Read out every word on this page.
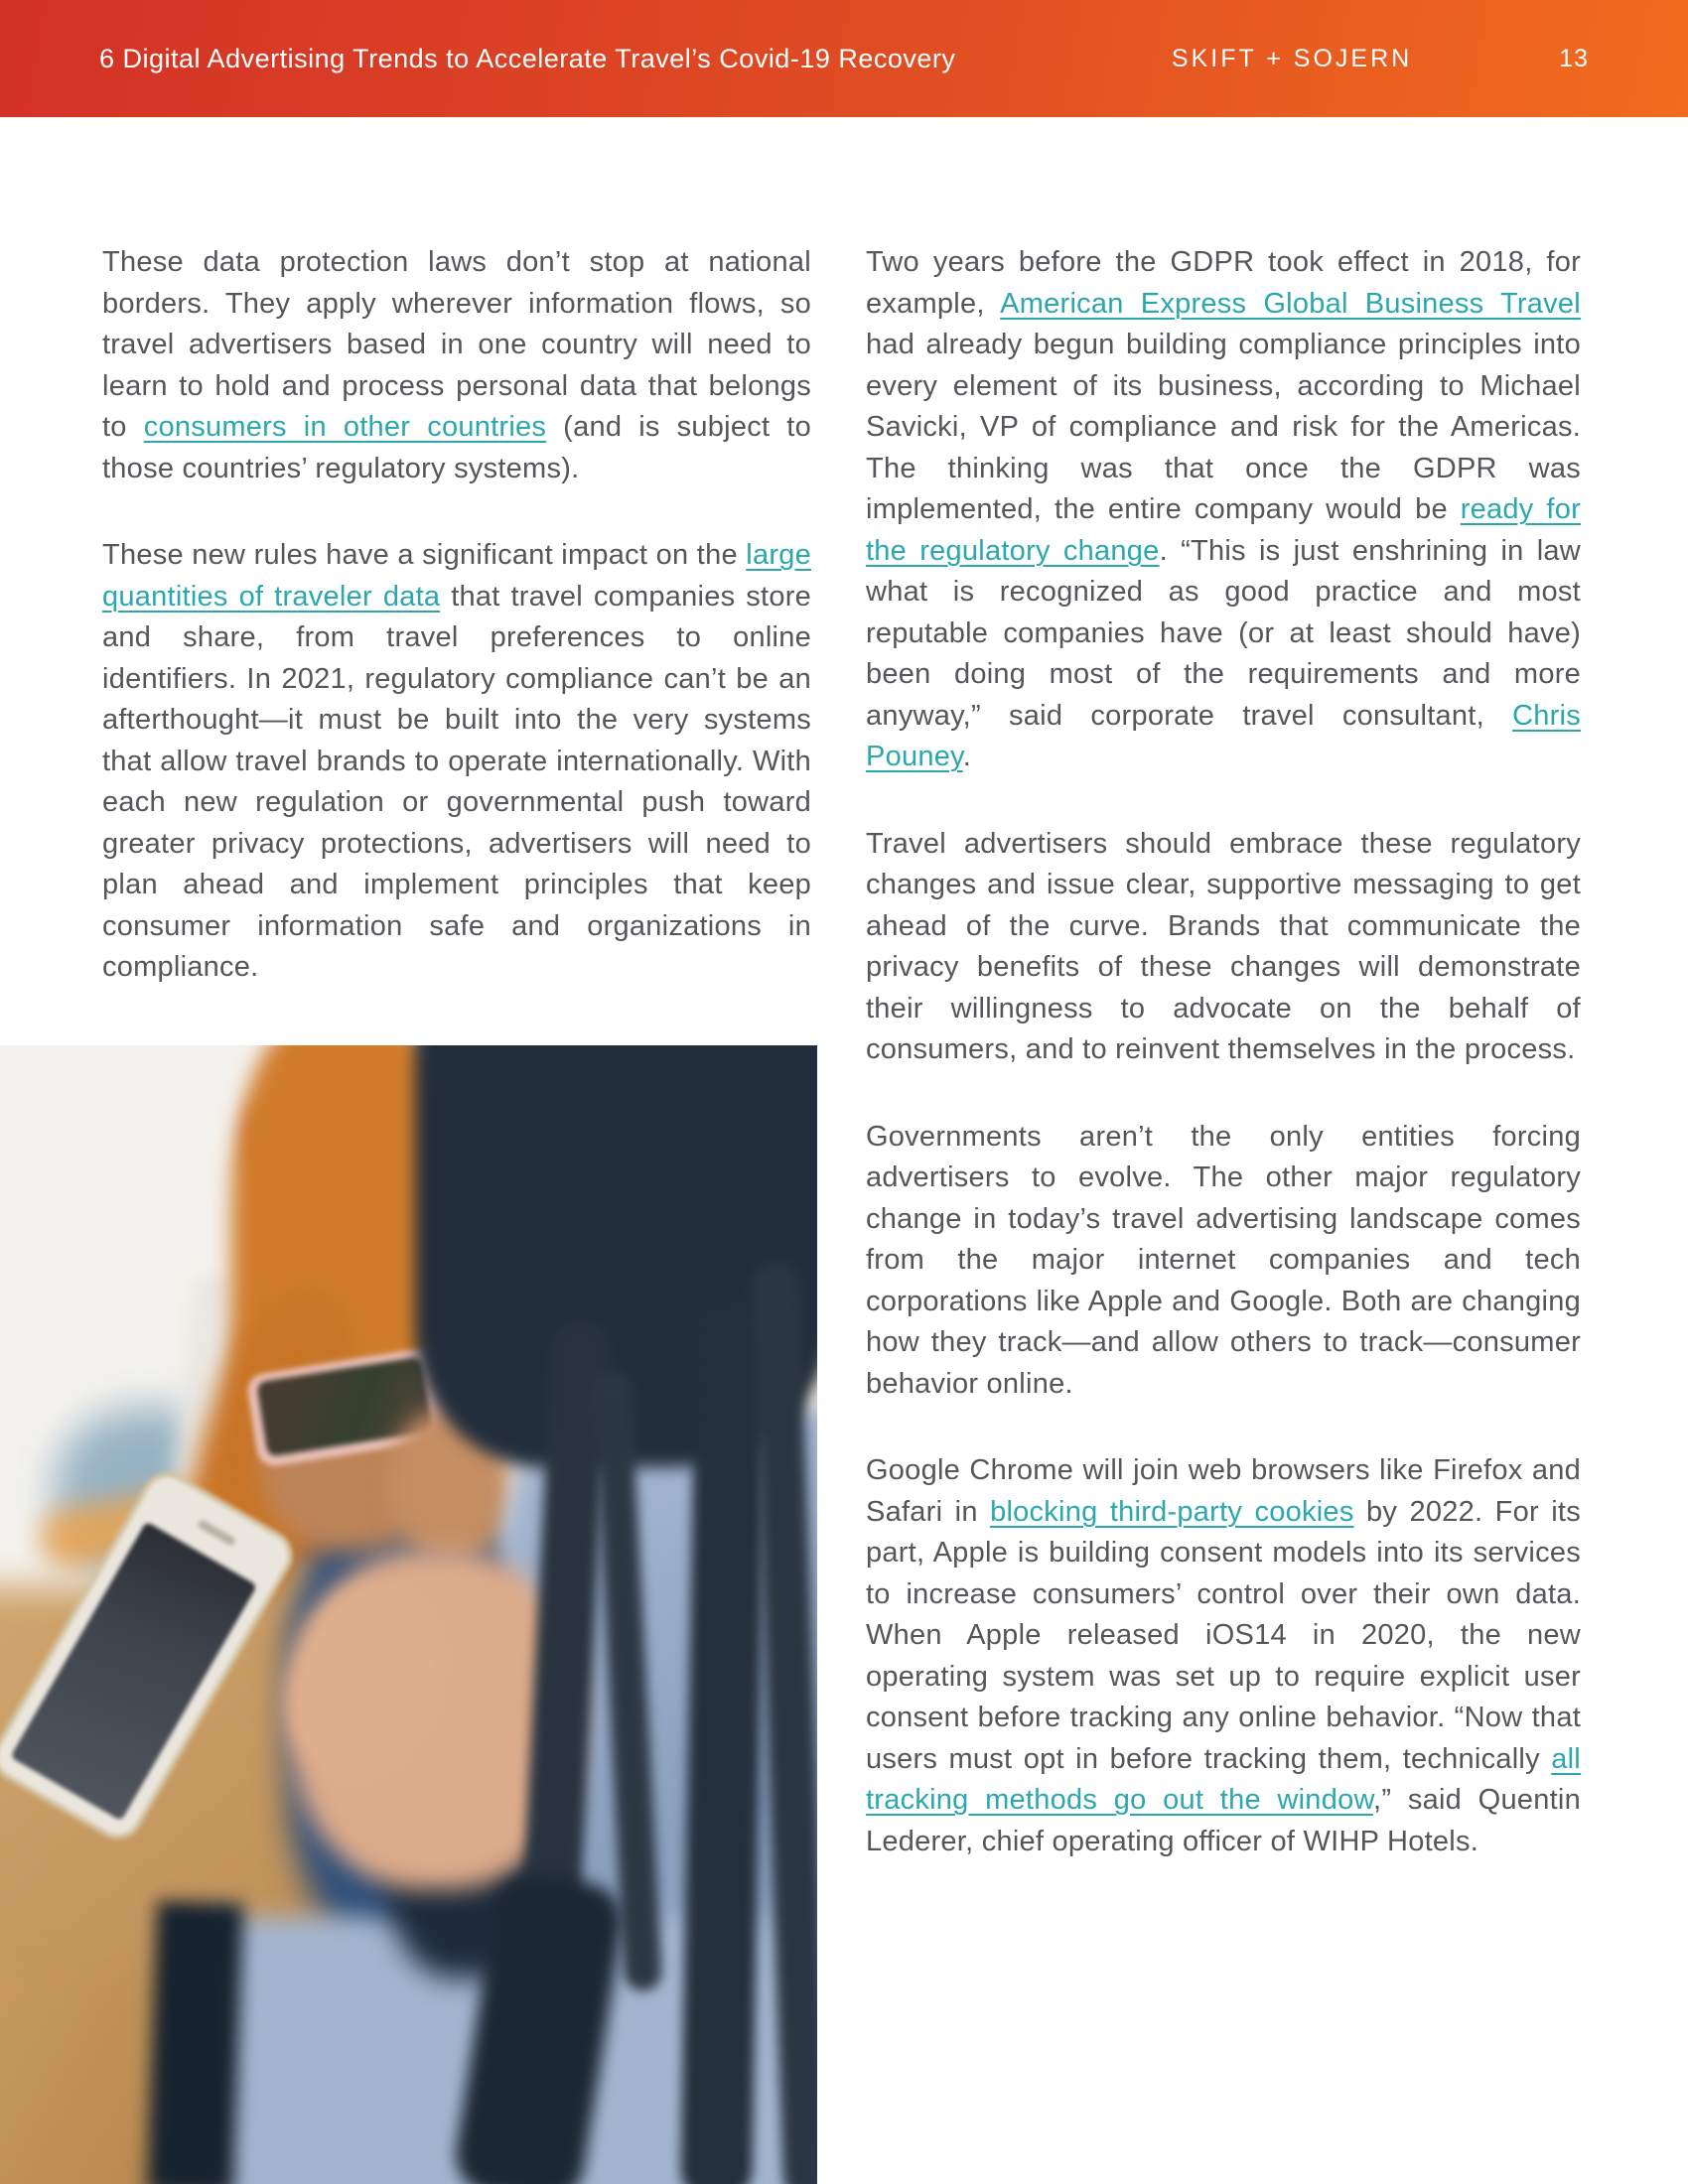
6 Digital Advertising Trends to Accelerate Travel’s Covid-19 Recovery	SKIFT + SOJERN	13

These data protection laws don’t stop at national borders. They apply wherever information flows, so travel advertisers based in one country will need to learn to hold and process personal data that belongs to consumers in other countries (and is subject to those countries’ regulatory systems).

These new rules have a significant impact on the large quantities of traveler data that travel companies store and share, from travel preferences to online identifiers. In 2021, regulatory compliance can’t be an afterthought—it must be built into the very systems that allow travel brands to operate internationally. With each new regulation or governmental push toward greater privacy protections, advertisers will need to plan ahead and implement principles that keep consumer information safe and organizations in compliance.

Two years before the GDPR took effect in 2018, for example, American Express Global Business Travel had already begun building compliance principles into every element of its business, according to Michael Savicki, VP of compliance and risk for the Americas. The thinking was that once the GDPR was implemented, the entire company would be ready for the regulatory change. “This is just enshrining in law what is recognized as good practice and most reputable companies have (or at least should have) been doing most of the requirements and more anyway,” said corporate travel consultant, Chris Pouney.

Travel advertisers should embrace these regulatory changes and issue clear, supportive messaging to get ahead of the curve. Brands that communicate the privacy benefits of these changes will demonstrate their willingness to advocate on the behalf of consumers, and to reinvent themselves in the process.

Governments aren’t the only entities forcing advertisers to evolve. The other major regulatory change in today’s travel advertising landscape comes from the major internet companies and tech corporations like Apple and Google. Both are changing how they track—and allow others to track—consumer behavior online.

Google Chrome will join web browsers like Firefox and Safari in blocking third-party cookies by 2022. For its part, Apple is building consent models into its services to increase consumers’ control over their own data. When Apple released iOS14 in 2020, the new operating system was set up to require explicit user consent before tracking any online behavior. “Now that users must opt in before tracking them, technically all tracking methods go out the window,” said Quentin Lederer, chief operating officer of WIHP Hotels.
